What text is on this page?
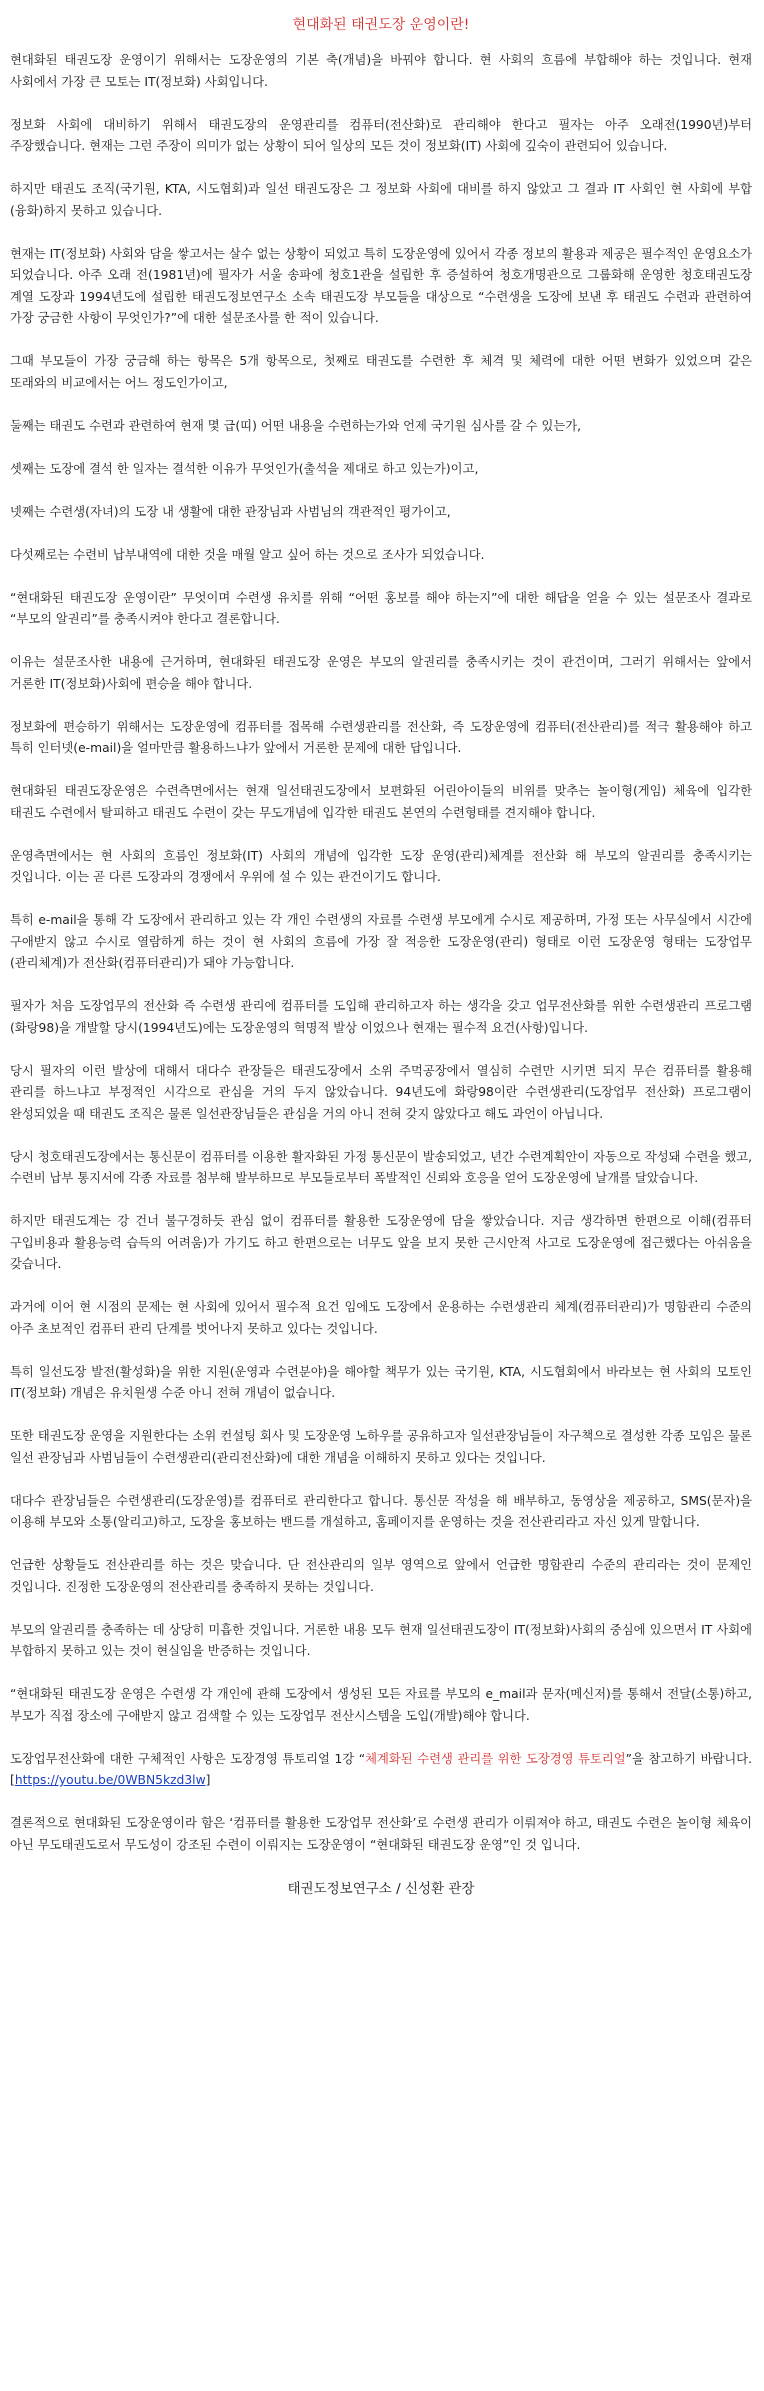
현대화된 태권도장 운영이란!

현대화된 태권도장 운영이기 위해서는 도장운영의 기본 축(개념)을 바꿔야 합니다. 현 사회의 흐름에 부합해야 하는 것입니다. 현재 사회에서 가장 큰 모토는 IT(정보화) 사회입니다.

정보화 사회에 대비하기 위해서 태권도장의 운영관리를 컴퓨터(전산화)로 관리해야 한다고 필자는 아주 오래전(1990년)부터 주장했습니다. 현재는 그런 주장이 의미가 없는 상황이 되어 일상의 모든 것이 정보화(IT) 사회에 깊숙이 관련되어 있습니다.

하지만 태권도 조직(국기원, KTA, 시도협회)과 일선 태권도장은 그 정보화 사회에 대비를 하지 않았고 그 결과 IT 사회인 현 사회에 부합(융화)하지 못하고 있습니다.

현재는 IT(정보화) 사회와 담을 쌓고서는 살수 없는 상황이 되었고 특히 도장운영에 있어서 각종 정보의 활용과 제공은 필수적인 운영요소가 되었습니다. 아주 오래 전(1981년)에 필자가 서울 송파에 청호1관을 설립한 후 증설하여 청호개명관으로 그룹화해 운영한 청호태권도장 계열 도장과 1994년도에 설립한 태권도정보연구소 소속 태권도장 부모들을 대상으로 “수련생을 도장에 보낸 후 태권도 수련과 관련하여 가장 궁금한 사항이 무엇인가?”에 대한 설문조사를 한 적이 있습니다.

그때 부모들이 가장 궁금해 하는 항목은 5개 항목으로, 첫째로 태권도를 수련한 후 체격 및 체력에 대한 어떤 변화가 있었으며 같은 또래와의 비교에서는 어느 정도인가이고,

둘째는 태권도 수련과 관련하여 현재 몇 급(띠) 어떤 내용을 수련하는가와 언제 국기원 심사를 갈 수 있는가,

셋째는 도장에 결석 한 일자는 결석한 이유가 무엇인가(출석을 제대로 하고 있는가)이고,

넷째는 수련생(자녀)의 도장 내 생활에 대한 관장님과 사범님의 객관적인 평가이고,

다섯째로는 수련비 납부내역에 대한 것을 매월 알고 싶어 하는 것으로 조사가 되었습니다.

“현대화된 태권도장 운영이란” 무엇이며 수련생 유치를 위해 “어떤 홍보를 해야 하는지”에 대한 해답을 얻을 수 있는 설문조사 결과로 “부모의 알권리”를 충족시켜야 한다고 결론합니다.

이유는 설문조사한 내용에 근거하며, 현대화된 태권도장 운영은 부모의 알권리를 충족시키는 것이 관건이며, 그러기 위해서는 앞에서 거론한 IT(정보화)사회에 편승을 해야 합니다.

정보화에 편승하기 위해서는 도장운영에 컴퓨터를 접목해 수련생관리를 전산화, 즉 도장운영에 컴퓨터(전산관리)를 적극 활용해야 하고 특히 인터넷(e-mail)을 얼마만큼 활용하느냐가 앞에서 거론한 문제에 대한 답입니다.

현대화된 태권도장운영은 수련측면에서는 현재 일선태권도장에서 보편화된 어린아이들의 비위를 맞추는 놀이형(게임) 체육에 입각한 태권도 수련에서 탈피하고 태권도 수련이 갖는 무도개념에 입각한 태권도 본연의 수련형태를 견지해야 합니다.

운영측면에서는 현 사회의 흐름인 정보화(IT) 사회의 개념에 입각한 도장 운영(관리)체계를 전산화 해 부모의 알권리를 충족시키는 것입니다. 이는 곧 다른 도장과의 경쟁에서 우위에 설 수 있는 관건이기도 합니다.

특히 e-mail을 통해 각 도장에서 관리하고 있는 각 개인 수련생의 자료를 수련생 부모에게 수시로 제공하며, 가정 또는 사무실에서 시간에 구애받지 않고 수시로 열람하게 하는 것이 현 사회의 흐름에 가장 잘 적응한 도장운영(관리) 형태로 이런 도장운영 형태는 도장업무(관리체계)가 전산화(컴퓨터관리)가 돼야 가능합니다.

필자가 처음 도장업무의 전산화 즉 수련생 관리에 컴퓨터를 도입해 관리하고자 하는 생각을 갖고 업무전산화를 위한 수련생관리 프로그램(화랑98)을 개발할 당시(1994년도)에는 도장운영의 혁명적 발상 이었으나 현재는 필수적 요건(사항)입니다.

당시 필자의 이런 발상에 대해서 대다수 관장들은 태권도장에서 소위 주먹공장에서 열심히 수련만 시키면 되지 무슨 컴퓨터를 활용해 관리를 하느냐고 부정적인 시각으로 관심을 거의 두지 않았습니다. 94년도에 화랑98이란 수련생관리(도장업무 전산화) 프로그램이 완성되었을 때 태권도 조직은 물론 일선관장님들은 관심을 거의 아니 전혀 갖지 않았다고 해도 과언이 아닙니다.

당시 청호태권도장에서는 통신문이 컴퓨터를 이용한 활자화된 가정 통신문이 발송되었고, 년간 수련계획안이 자동으로 작성돼 수련을 했고, 수련비 납부 통지서에 각종 자료를 첨부해 발부하므로 부모들로부터 폭발적인 신뢰와 호응을 얻어 도장운영에 날개를 달았습니다.

하지만 태권도계는 강 건너 불구경하듯 관심 없이 컴퓨터를 활용한 도장운영에 담을 쌓았습니다. 지금 생각하면 한편으로 이해(컴퓨터 구입비용과 활용능력 습득의 어려움)가 가기도 하고 한편으로는 너무도 앞을 보지 못한 근시안적 사고로 도장운영에 접근했다는 아쉬움을 갖습니다.

과거에 이어 현 시점의 문제는 현 사회에 있어서 필수적 요건 임에도 도장에서 운용하는 수련생관리 체계(컴퓨터관리)가 명함관리 수준의 아주 초보적인 컴퓨터 관리 단계를 벗어나지 못하고 있다는 것입니다.

특히 일선도장 발전(활성화)을 위한 지원(운영과 수련분야)을 해야할 책무가 있는 국기원, KTA, 시도협회에서 바라보는 현 사회의 모토인 IT(정보화) 개념은 유치원생 수준 아니 전혀 개념이 없습니다.

또한 태권도장 운영을 지원한다는 소위 컨설팅 회사 및 도장운영 노하우를 공유하고자 일선관장님들이 자구책으로 결성한 각종 모임은 물론 일선 관장님과 사범님들이 수련생관리(관리전산화)에 대한 개념을 이해하지 못하고 있다는 것입니다.

대다수 관장님들은 수련생관리(도장운영)를 컴퓨터로 관리한다고 합니다. 통신문 작성을 해 배부하고, 동영상을 제공하고, SMS(문자)을 이용해 부모와 소통(알리고)하고, 도장을 홍보하는 밴드를 개설하고, 홈페이지를 운영하는 것을 전산관리라고 자신 있게 말합니다.

언급한 상황들도 전산관리를 하는 것은 맞습니다. 단 전산관리의 일부 영역으로 앞에서 언급한 명함관리 수준의 관리라는 것이 문제인 것입니다. 진정한 도장운영의 전산관리를 충족하지 못하는 것입니다.

부모의 알권리를 충족하는 데 상당히 미흡한 것입니다. 거론한 내용 모두 현재 일선태권도장이 IT(정보화)사회의 중심에 있으면서 IT 사회에 부합하지 못하고 있는 것이 현실임을 반증하는 것입니다.

“현대화된 태권도장 운영은 수련생 각 개인에 관해 도장에서 생성된 모든 자료를 부모의 e_mail과 문자(메신저)를 통해서 전달(소통)하고, 부모가 직접 장소에 구애받지 않고 검색할 수 있는 도장업무 전산시스템을 도입(개발)해야 합니다.

도장업무전산화에 대한 구체적인 사항은 도장경영 튜토리얼 1강 “체계화된 수련생 관리를 위한 도장경영 튜토리얼”을 참고하기 바랍니다. [https://youtu.be/0WBN5kzd3lw]

결론적으로 현대화된 도장운영이라 함은 ‘컴퓨터를 활용한 도장업무 전산화’로 수련생 관리가 이뤄져야 하고, 태권도 수련은 놀이형 체육이 아닌 무도태권도로서 무도성이 강조된 수련이 이뤄지는 도장운영이 “현대화된 태권도장 운영”인 것 입니다.

태권도정보연구소 / 신성환 관장
